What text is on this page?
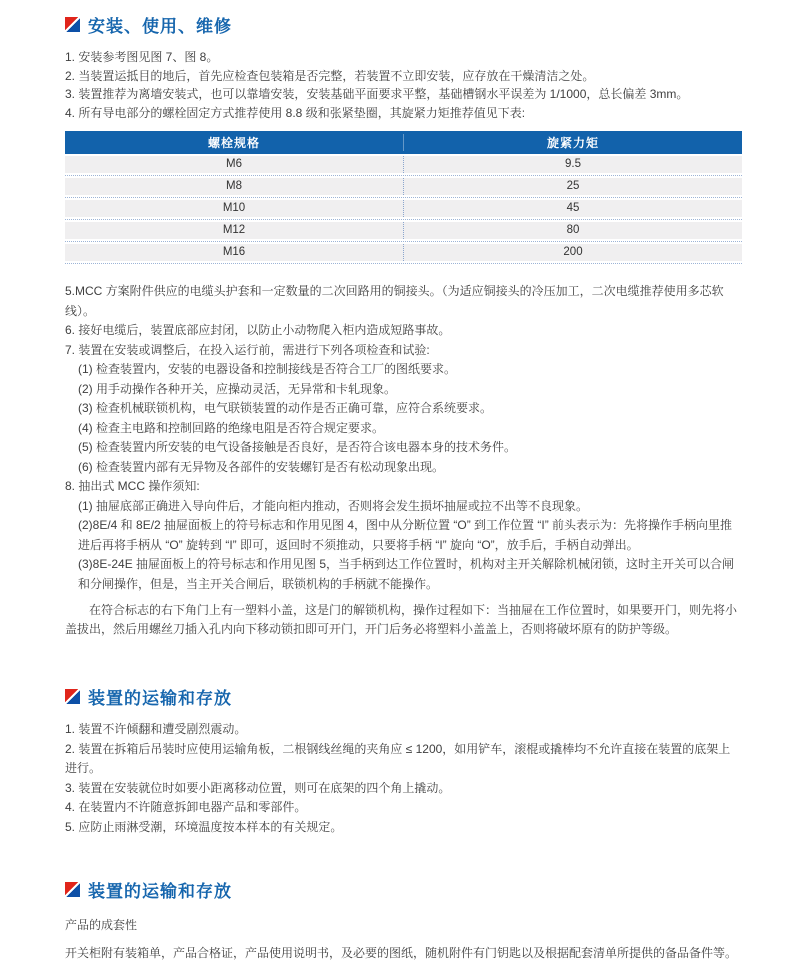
安装、使用、维修
1. 安装参考图见图 7、图 8。
2. 当装置运抵目的地后，首先应检查包装箱是否完整，若装置不立即安装，应存放在干燥清洁之处。
3. 装置推荐为离墙安装式，也可以靠墙安装，安装基础平面要求平整，基础槽钢水平误差为 1/1000，总长偏差 3mm。
4. 所有导电部分的螺栓固定方式推荐使用 8.8 级和张紧垫圈，其旋紧力矩推荐值见下表:
螺栓规格	旋紧力矩
M6	9.5
M8	25
M10	45
M12	80
M16	200
5.MCC 方案附件供应的电缆头护套和一定数量的二次回路用的铜接头。（为适应铜接头的冷压加工，二次电缆推荐使用多芯软线）。
6. 接好电缆后，装置底部应封闭，以防止小动物爬入柜内造成短路事故。
7. 装置在安装或调整后，在投入运行前，需进行下列各项检查和试验:
(1) 检查装置内，安装的电器设备和控制接线是否符合工厂的图纸要求。
(2) 用手动操作各种开关，应操动灵活，无异常和卡轧现象。
(3) 检查机械联锁机构，电气联锁装置的动作是否正确可靠，应符合系统要求。
(4) 检查主电路和控制回路的绝缘电阻是否符合规定要求。
(5) 检查装置内所安装的电气设备接触是否良好，是否符合该电器本身的技术务件。
(6) 检查装置内部有无异物及各部件的安装螺钉是否有松动现象出现。
8. 抽出式 MCC 操作须知:
(1) 抽屉底部正确进入导向件后，才能向柜内推动，否则将会发生损坏抽屉或拉不出等不良现象。
(2)8E/4 和 8E/2 抽屉面板上的符号标志和作用见图 4，图中从分断位置 “O” 到工作位置 “I” 前头表示为：先将操作手柄向里推进后再将手柄从 “O” 旋转到 “I” 即可，返回时不须推动，只要将手柄 “I” 旋向 “O”，放手后，手柄自动弹出。
(3)8E-24E 抽屉面板上的符号标志和作用见图 5，当手柄到达工作位置时，机构对主开关解除机械闭锁，这时主开关可以合闸和分闸操作，但是，当主开关合闸后，联锁机构的手柄就不能操作。
在符合标志的右下角门上有一塑料小盖，这是门的解锁机构，操作过程如下：当抽屉在工作位置时，如果要开门，则先将小盖拔出，然后用螺丝刀插入孔内向下移动锁扣即可开门，开门后务必将塑料小盖盖上，否则将破坏原有的防护等级。
装置的运输和存放
1. 装置不许倾翻和遭受剧烈震动。
2. 装置在拆箱后吊装时应使用运输角板，二根钢线丝绳的夹角应 ≤ 1200，如用铲车，滚棍或撬棒均不允许直接在装置的底架上进行。
3. 装置在安装就位时如要小距离移动位置，则可在底架的四个角上撬动。
4. 在装置内不许随意拆卸电器产品和零部件。
5. 应防止雨淋受潮，环境温度按本样本的有关规定。
装置的运输和存放
产品的成套性
开关柜附有装箱单，产品合格证，产品使用说明书，及必要的图纸，随机附件有门钥匙以及根据配套清单所提供的备品备件等。
